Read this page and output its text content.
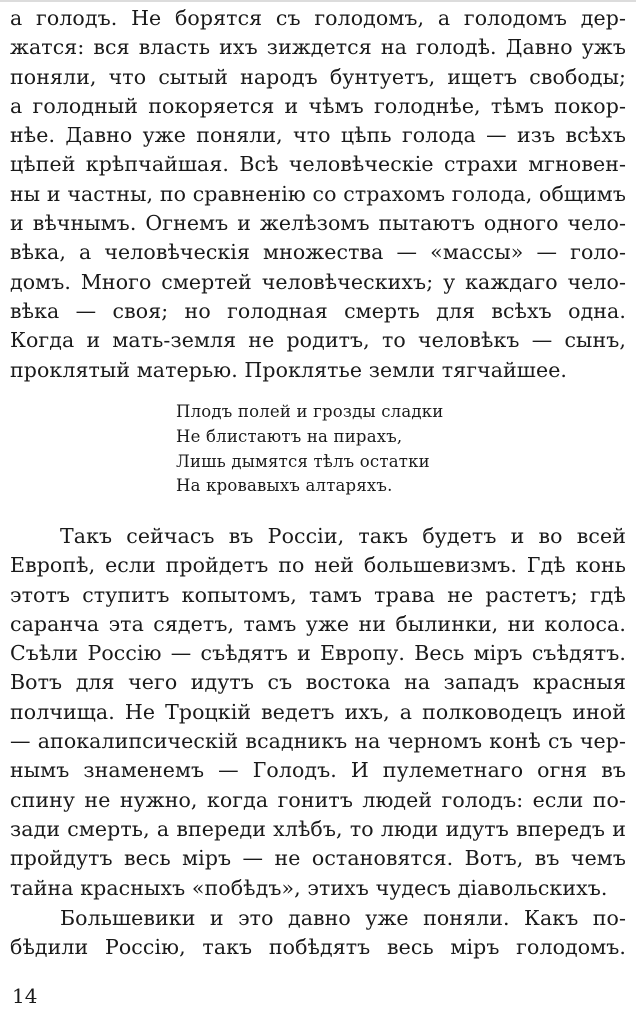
а голодъ. Не борятся съ голодомъ, а голодомъ дер-
жатся: вся власть ихъ зиждется на голодѣ. Давно ужъ
поняли, что сытый народъ бунтуетъ, ищетъ свободы;
а голодный покоряется и чѣмъ голоднѣе, тѣмъ покор-
нѣе. Давно уже поняли, что цѣпь голода — изъ всѣхъ
цѣпей крѣпчайшая. Всѣ человѣческіе страхи мгновен-
ны и частны, по сравненію со страхомъ голода, общимъ
и вѣчнымъ. Огнемъ и желѣзомъ пытаютъ одного чело-
вѣка, а человѣческія множества — «массы» — голо-
домъ. Много смертей человѣческихъ; у каждаго чело-
вѣка — своя; но голодная смерть для всѣхъ одна.
Когда и мать-земля не родитъ, то человѣкъ — сынъ,
проклятый матерью. Проклятье земли тягчайшее.
Плодъ полей и грозды сладки
Не блистаютъ на пирахъ,
Лишь дымятся тѣлъ остатки
На кровавыхъ алтаряхъ.
Такъ сейчасъ въ Россіи, такъ будетъ и во всей
Европѣ, если пройдетъ по ней большевизмъ. Гдѣ конь
этотъ ступитъ копытомъ, тамъ трава не растетъ; гдѣ
саранча эта сядетъ, тамъ уже ни былинки, ни колоса.
Съѣли Россію — съѣдятъ и Европу. Весь міръ съѣдятъ.
Вотъ для чего идутъ съ востока на западъ красныя
полчища. Не Троцкій ведетъ ихъ, а полководецъ иной
— апокалипсическій всадникъ на черномъ конѣ съ чер-
нымъ знаменемъ — Голодъ. И пулеметнаго огня въ
спину не нужно, когда гонитъ людей голодъ: если по-
зади смерть, а впереди хлѣбъ, то люди идутъ впередъ и
пройдутъ весь міръ — не остановятся. Вотъ, въ чемъ
тайна красныхъ «побѣдъ», этихъ чудесъ діавольскихъ.
Большевики и это давно уже поняли. Какъ по-
бѣдили Россію, такъ побѣдятъ весь міръ голодомъ.
14
